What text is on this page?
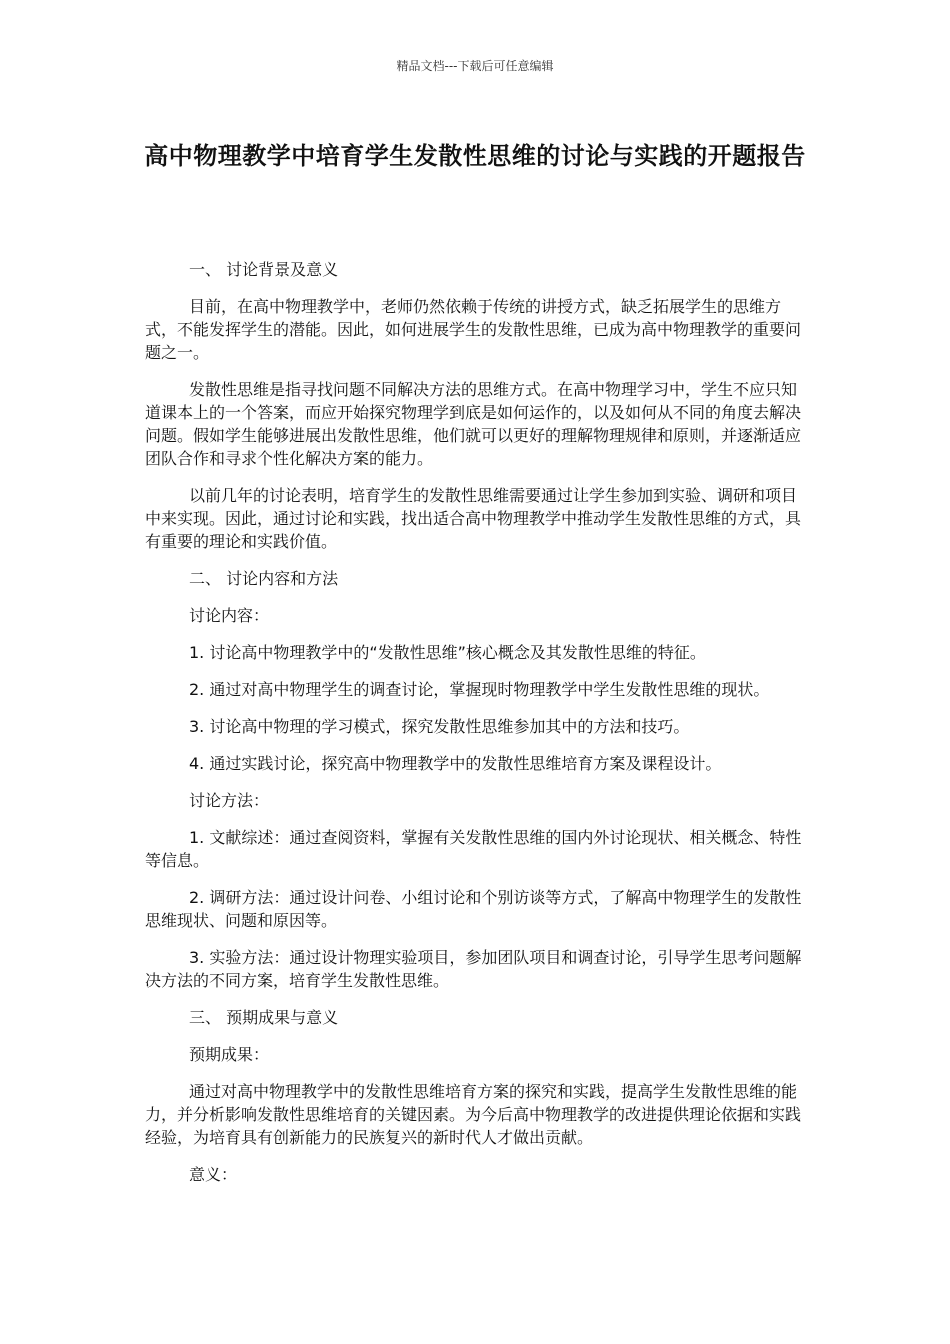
精品文档---下载后可任意编辑
高中物理教学中培育学生发散性思维的讨论与实践的开题报告

一、 讨论背景及意义

目前，在高中物理教学中，老师仍然依赖于传统的讲授方式，缺乏拓展学生的思维方式，不能发挥学生的潜能。因此，如何进展学生的发散性思维，已成为高中物理教学的重要问题之一。

发散性思维是指寻找问题不同解决方法的思维方式。在高中物理学习中，学生不应只知道课本上的一个答案，而应开始探究物理学到底是如何运作的，以及如何从不同的角度去解决问题。假如学生能够进展出发散性思维，他们就可以更好的理解物理规律和原则，并逐渐适应团队合作和寻求个性化解决方案的能力。

以前几年的讨论表明，培育学生的发散性思维需要通过让学生参加到实验、调研和项目中来实现。因此，通过讨论和实践，找出适合高中物理教学中推动学生发散性思维的方式，具有重要的理论和实践价值。

二、 讨论内容和方法

讨论内容：

1. 讨论高中物理教学中的“发散性思维”核心概念及其发散性思维的特征。

2. 通过对高中物理学生的调查讨论，掌握现时物理教学中学生发散性思维的现状。

3. 讨论高中物理的学习模式，探究发散性思维参加其中的方法和技巧。

4. 通过实践讨论，探究高中物理教学中的发散性思维培育方案及课程设计。

讨论方法：

1. 文献综述：通过查阅资料，掌握有关发散性思维的国内外讨论现状、相关概念、特性等信息。

2. 调研方法：通过设计问卷、小组讨论和个别访谈等方式，了解高中物理学生的发散性思维现状、问题和原因等。

3. 实验方法：通过设计物理实验项目，参加团队项目和调查讨论，引导学生思考问题解决方法的不同方案，培育学生发散性思维。

三、 预期成果与意义

预期成果：

通过对高中物理教学中的发散性思维培育方案的探究和实践，提高学生发散性思维的能力，并分析影响发散性思维培育的关键因素。为今后高中物理教学的改进提供理论依据和实践经验，为培育具有创新能力的民族复兴的新时代人才做出贡献。

意义：
